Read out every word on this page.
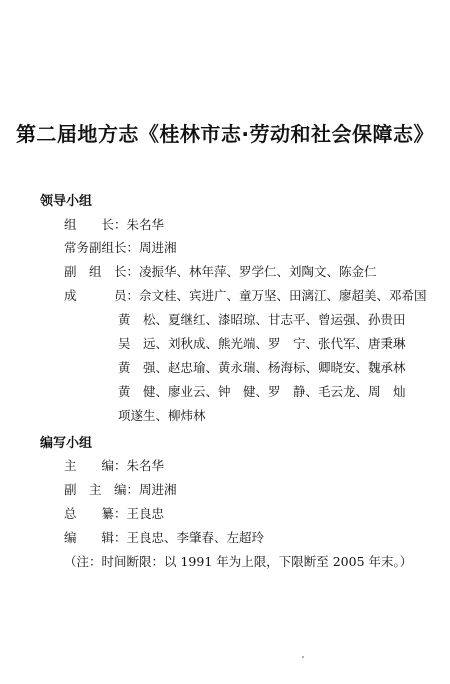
第二届地方志《桂林市志·劳动和社会保障志》
领导小组
组　　长：朱名华
常务副组长：周进湘
副　组　长：凌振华、林年萍、罗学仁、刘陶文、陈金仁
成　　　员：佘文桂、宾进广、童万坚、田漓江、廖超美、邓希国
黄　松、夏继红、漆昭琼、甘志平、曾运强、孙贵田
吴　远、刘秋成、熊光端、罗　宁、张代军、唐秉琳
黄　强、赵忠瑜、黄永瑞、杨海标、卿晓安、魏承林
黄　健、廖业云、钟　健、罗　静、毛云龙、周　灿
项遂生、柳炜林
编写小组
主　　编：朱名华
副　主　编：周进湘
总　　纂：王良忠
编　　辑：王良忠、李肇春、左超玲
（注：时间断限：以 1991 年为上限，下限断至 2005 年末。）
